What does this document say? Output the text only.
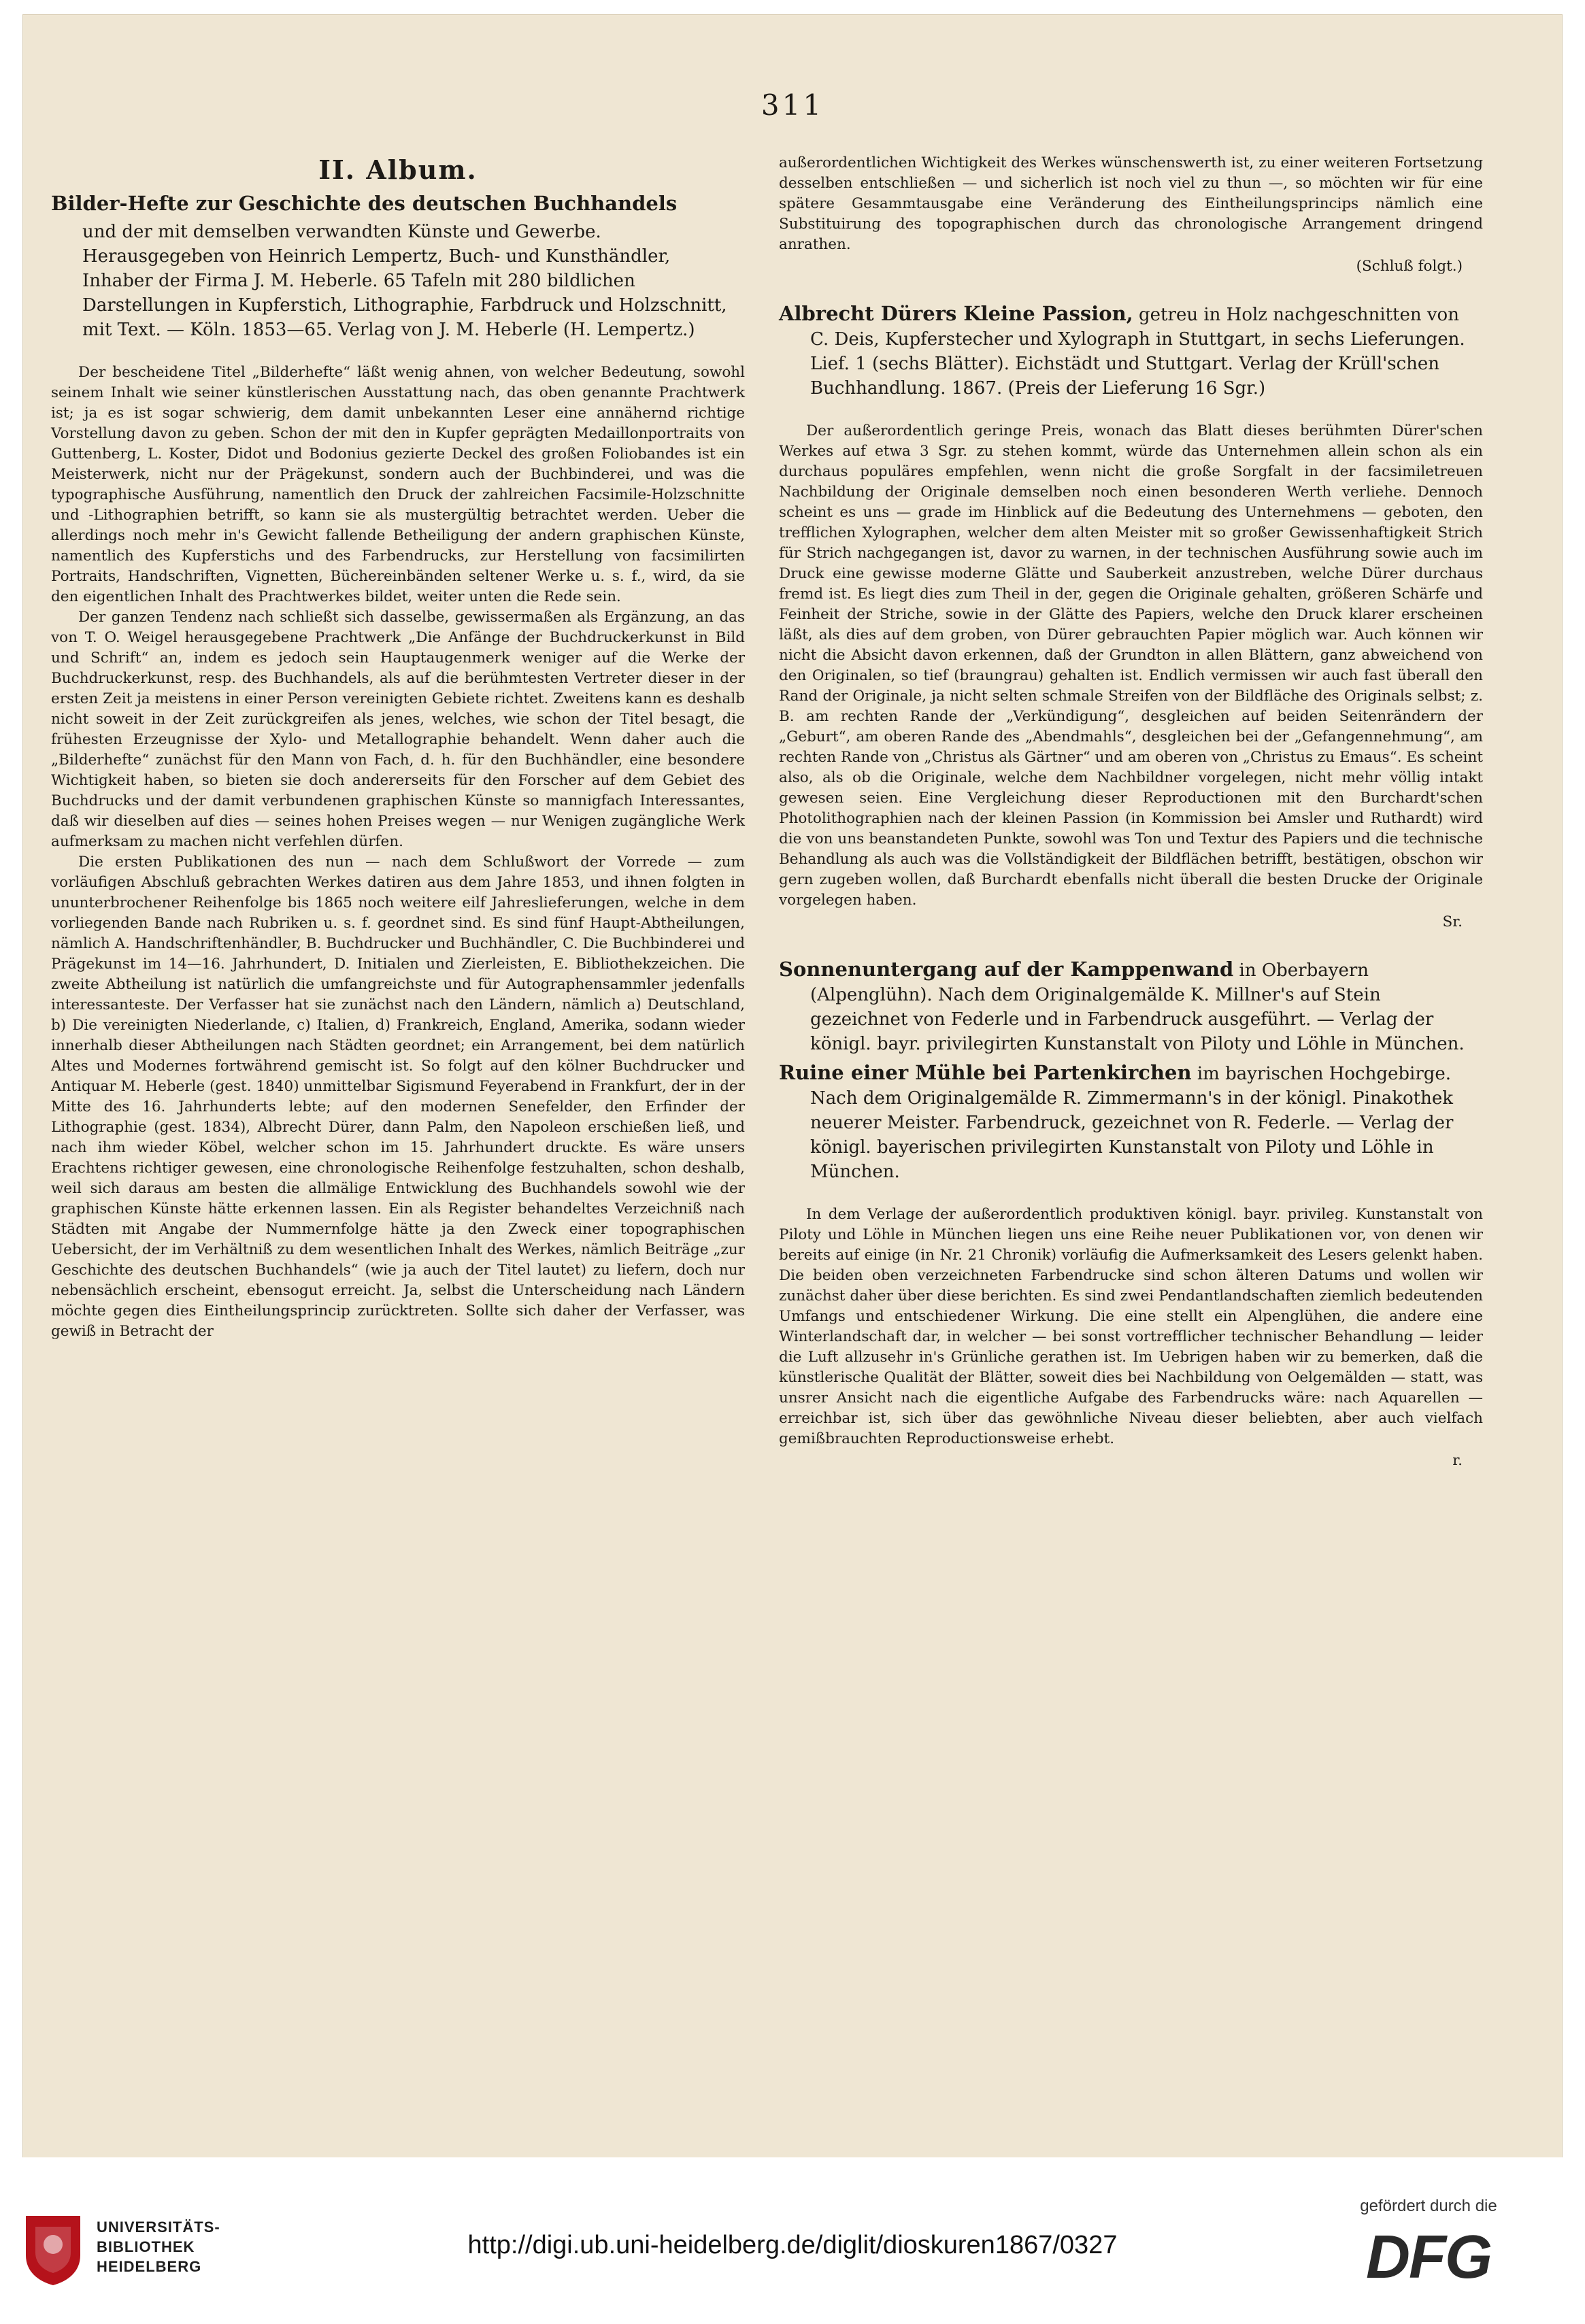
311
II. Album.
Bilder-Hefte zur Geschichte des deutschen Buchhandels
und der mit demselben verwandten Künste und Gewerbe. Herausgegeben von Heinrich Lempertz, Buch- und Kunsthändler, Inhaber der Firma J. M. Heberle. 65 Tafeln mit 280 bildlichen Darstellungen in Kupferstich, Lithographie, Farbdruck und Holzschnitt, mit Text. — Köln. 1853—65. Verlag von J. M. Heberle (H. Lempertz.)

Der bescheidene Titel „Bilderhefte“ läßt wenig ahnen, von welcher Bedeutung, sowohl seinem Inhalt wie seiner künstlerischen Ausstattung nach, das oben genannte Prachtwerk ist; ja es ist sogar schwierig, dem damit unbekannten Leser eine annähernd richtige Vorstellung davon zu geben. Schon der mit den in Kupfer geprägten Medaillonportraits von Guttenberg, L. Koster, Didot und Bodonius gezierte Deckel des großen Foliobandes ist ein Meisterwerk, nicht nur der Prägekunst, sondern auch der Buchbinderei, und was die typographische Ausführung, namentlich den Druck der zahlreichen Facsimile-Holzschnitte und -Lithographien betrifft, so kann sie als mustergültig betrachtet werden. Ueber die allerdings noch mehr in's Gewicht fallende Betheiligung der andern graphischen Künste, namentlich des Kupferstichs und des Farbendrucks, zur Herstellung von facsimilirten Portraits, Handschriften, Vignetten, Büchereinbänden seltener Werke u. s. f., wird, da sie den eigentlichen Inhalt des Prachtwerkes bildet, weiter unten die Rede sein.

Der ganzen Tendenz nach schließt sich dasselbe, gewissermaßen als Ergänzung, an das von T. O. Weigel herausgegebene Prachtwerk „Die Anfänge der Buchdruckerkunst in Bild und Schrift“ an, indem es jedoch sein Hauptaugenmerk weniger auf die Werke der Buchdruckerkunst, resp. des Buchhandels, als auf die berühmtesten Vertreter dieser in der ersten Zeit ja meistens in einer Person vereinigten Gebiete richtet. Zweitens kann es deshalb nicht soweit in der Zeit zurückgreifen als jenes, welches, wie schon der Titel besagt, die frühesten Erzeugnisse der Xylo- und Metallographie behandelt. Wenn daher auch die „Bilderhefte“ zunächst für den Mann von Fach, d. h. für den Buchhändler, eine besondere Wichtigkeit haben, so bieten sie doch andererseits für den Forscher auf dem Gebiet des Buchdrucks und der damit verbundenen graphischen Künste so mannigfach Interessantes, daß wir dieselben auf dies — seines hohen Preises wegen — nur Wenigen zugängliche Werk aufmerksam zu machen nicht verfehlen dürfen.

Die ersten Publikationen des nun — nach dem Schlußwort der Vorrede — zum vorläufigen Abschluß gebrachten Werkes datiren aus dem Jahre 1853, und ihnen folgten in ununterbrochener Reihenfolge bis 1865 noch weitere eilf Jahreslieferungen, welche in dem vorliegenden Bande nach Rubriken u. s. f. geordnet sind. Es sind fünf Haupt-Abtheilungen, nämlich A. Handschriftenhändler, B. Buchdrucker und Buchhändler, C. Die Buchbinderei und Prägekunst im 14—16. Jahrhundert, D. Initialen und Zierleisten, E. Bibliothekzeichen. Die zweite Abtheilung ist natürlich die umfangreichste und für Autographensammler jedenfalls interessanteste. Der Verfasser hat sie zunächst nach den Ländern, nämlich a) Deutschland, b) Die vereinigten Niederlande, c) Italien, d) Frankreich, England, Amerika, sodann wieder innerhalb dieser Abtheilungen nach Städten geordnet; ein Arrangement, bei dem natürlich Altes und Modernes fortwährend gemischt ist. So folgt auf den kölner Buchdrucker und Antiquar M. Heberle (gest. 1840) unmittelbar Sigismund Feyerabend in Frankfurt, der in der Mitte des 16. Jahrhunderts lebte; auf den modernen Senefelder, den Erfinder der Lithographie (gest. 1834), Albrecht Dürer, dann Palm, den Napoleon erschießen ließ, und nach ihm wieder Köbel, welcher schon im 15. Jahrhundert druckte. Es wäre unsers Erachtens richtiger gewesen, eine chronologische Reihenfolge festzuhalten, schon deshalb, weil sich daraus am besten die allmälige Entwicklung des Buchhandels sowohl wie der graphischen Künste hätte erkennen lassen. Ein als Register behandeltes Verzeichniß nach Städten mit Angabe der Nummernfolge hätte ja den Zweck einer topographischen Uebersicht, der im Verhältniß zu dem wesentlichen Inhalt des Werkes, nämlich Beiträge „zur Geschichte des deutschen Buchhandels“ (wie ja auch der Titel lautet) zu liefern, doch nur nebensächlich erscheint, ebensogut erreicht. Ja, selbst die Unterscheidung nach Ländern möchte gegen dies Eintheilungsprincip zurücktreten. Sollte sich daher der Verfasser, was gewiß in Betracht der

außerordentlichen Wichtigkeit des Werkes wünschenswerth ist, zu einer weiteren Fortsetzung desselben entschließen — und sicherlich ist noch viel zu thun —, so möchten wir für eine spätere Gesammtausgabe eine Veränderung des Eintheilungsprincips nämlich eine Substituirung des topographischen durch das chronologische Arrangement dringend anrathen.

(Schluß folgt.)
Albrecht Dürers Kleine Passion, getreu in Holz nachgeschnitten von C. Deis, Kupferstecher und Xylograph in Stuttgart, in sechs Lieferungen. Lief. 1 (sechs Blätter). Eichstädt und Stuttgart. Verlag der Krüll'schen Buchhandlung. 1867. (Preis der Lieferung 16 Sgr.)

Der außerordentlich geringe Preis, wonach das Blatt dieses berühmten Dürer'schen Werkes auf etwa 3 Sgr. zu stehen kommt, würde das Unternehmen allein schon als ein durchaus populäres empfehlen, wenn nicht die große Sorgfalt in der facsimiletreuen Nachbildung der Originale demselben noch einen besonderen Werth verliehe. Dennoch scheint es uns — grade im Hinblick auf die Bedeutung des Unternehmens — geboten, den trefflichen Xylographen, welcher dem alten Meister mit so großer Gewissenhaftigkeit Strich für Strich nachgegangen ist, davor zu warnen, in der technischen Ausführung sowie auch im Druck eine gewisse moderne Glätte und Sauberkeit anzustreben, welche Dürer durchaus fremd ist. Es liegt dies zum Theil in der, gegen die Originale gehalten, größeren Schärfe und Feinheit der Striche, sowie in der Glätte des Papiers, welche den Druck klarer erscheinen läßt, als dies auf dem groben, von Dürer gebrauchten Papier möglich war. Auch können wir nicht die Absicht davon erkennen, daß der Grundton in allen Blättern, ganz abweichend von den Originalen, so tief (braungrau) gehalten ist. Endlich vermissen wir auch fast überall den Rand der Originale, ja nicht selten schmale Streifen von der Bildfläche des Originals selbst; z. B. am rechten Rande der „Verkündigung“, desgleichen auf beiden Seitenrändern der „Geburt“, am oberen Rande des „Abendmahls“, desgleichen bei der „Gefangennehmung“, am rechten Rande von „Christus als Gärtner“ und am oberen von „Christus zu Emaus“. Es scheint also, als ob die Originale, welche dem Nachbildner vorgelegen, nicht mehr völlig intakt gewesen seien. Eine Vergleichung dieser Reproductionen mit den Burchardt'schen Photolithographien nach der kleinen Passion (in Kommission bei Amsler und Ruthardt) wird die von uns beanstandeten Punkte, sowohl was Ton und Textur des Papiers und die technische Behandlung als auch was die Vollständigkeit der Bildflächen betrifft, bestätigen, obschon wir gern zugeben wollen, daß Burchardt ebenfalls nicht überall die besten Drucke der Originale vorgelegen haben.

Sr.
Sonnenuntergang auf der Kamppenwand in Oberbayern (Alpenglühn). Nach dem Originalgemälde K. Millner's auf Stein gezeichnet von Federle und in Farbendruck ausgeführt. — Verlag der königl. bayr. privilegirten Kunstanstalt von Piloty und Löhle in München.
Ruine einer Mühle bei Partenkirchen im bayrischen Hochgebirge. Nach dem Originalgemälde R. Zimmermann's in der königl. Pinakothek neuerer Meister. Farbendruck, gezeichnet von R. Federle. — Verlag der königl. bayerischen privilegirten Kunstanstalt von Piloty und Löhle in München.

In dem Verlage der außerordentlich produktiven königl. bayr. privileg. Kunstanstalt von Piloty und Löhle in München liegen uns eine Reihe neuer Publikationen vor, von denen wir bereits auf einige (in Nr. 21 Chronik) vorläufig die Aufmerksamkeit des Lesers gelenkt haben. Die beiden oben verzeichneten Farbendrucke sind schon älteren Datums und wollen wir zunächst daher über diese berichten. Es sind zwei Pendantlandschaften ziemlich bedeutenden Umfangs und entschiedener Wirkung. Die eine stellt ein Alpenglühen, die andere eine Winterlandschaft dar, in welcher — bei sonst vortrefflicher technischer Behandlung — leider die Luft allzusehr in's Grünliche gerathen ist. Im Uebrigen haben wir zu bemerken, daß die künstlerische Qualität der Blätter, soweit dies bei Nachbildung von Oelgemälden — statt, was unsrer Ansicht nach die eigentliche Aufgabe des Farbendrucks wäre: nach Aquarellen — erreichbar ist, sich über das gewöhnliche Niveau dieser beliebten, aber auch vielfach gemißbrauchten Reproductionsweise erhebt.

r.
UNIVERSITÄTS-
BIBLIOTHEK
HEIDELBERG
http://digi.ub.uni-heidelberg.de/diglit/dioskuren1867/0327
gefördert durch die
DFG
